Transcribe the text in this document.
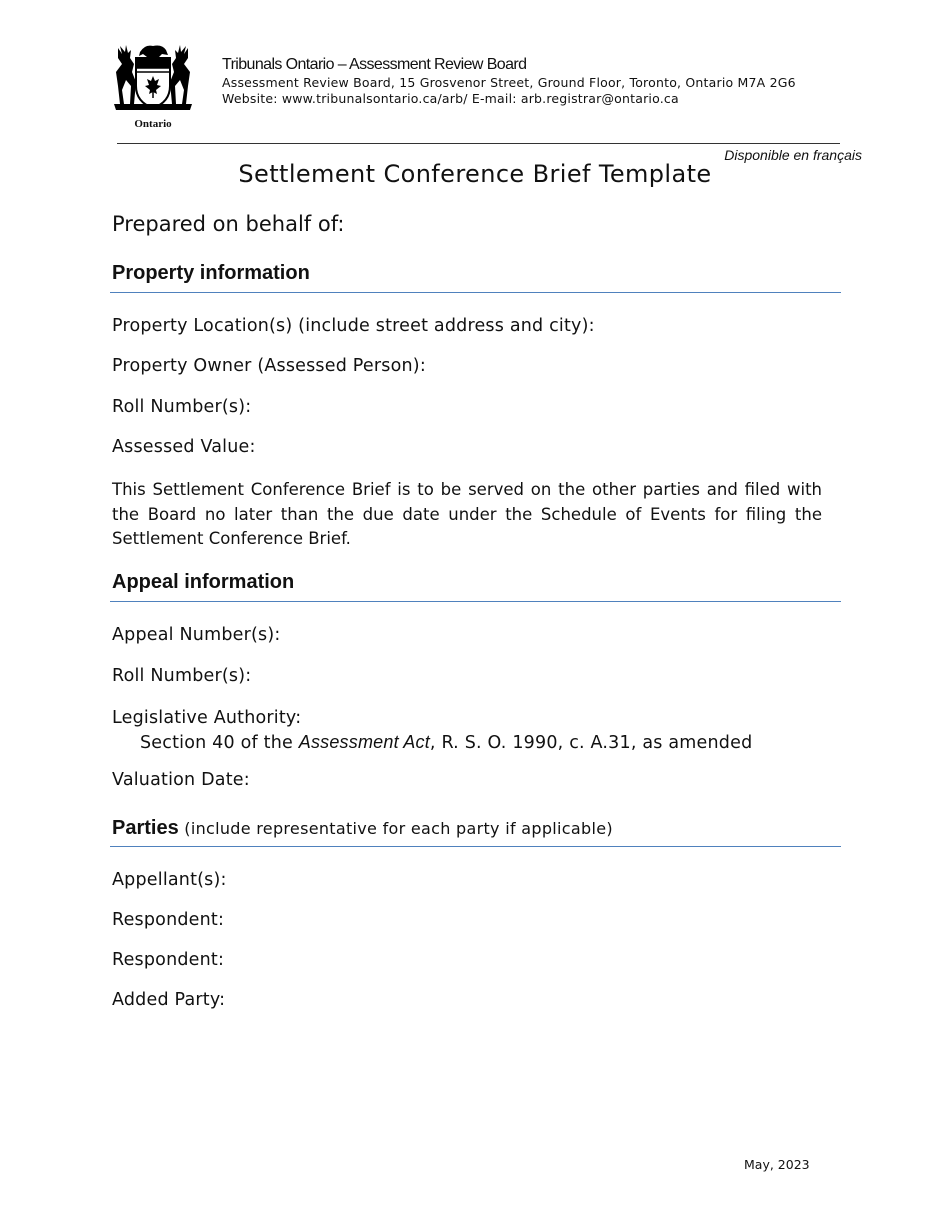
Ontario
Tribunals Ontario – Assessment Review Board
Assessment Review Board, 15 Grosvenor Street, Ground Floor, Toronto, Ontario M7A 2G6
Website: www.tribunalsontario.ca/arb/ E-mail: arb.registrar@ontario.ca
Disponible en français
Settlement Conference Brief Template
Prepared on behalf of:
Property information
Property Location(s) (include street address and city):
Property Owner (Assessed Person):
Roll Number(s):
Assessed Value:
This Settlement Conference Brief is to be served on the other parties and filed with the Board no later than the due date under the Schedule of Events for filing the Settlement Conference Brief.
Appeal information
Appeal Number(s):
Roll Number(s):
Legislative Authority:Section 40 of the Assessment Act, R. S. O. 1990, c. A.31, as amended
Valuation Date:
Parties (include representative for each party if applicable)
Appellant(s):
Respondent:
Respondent:
Added Party:
May, 2023
